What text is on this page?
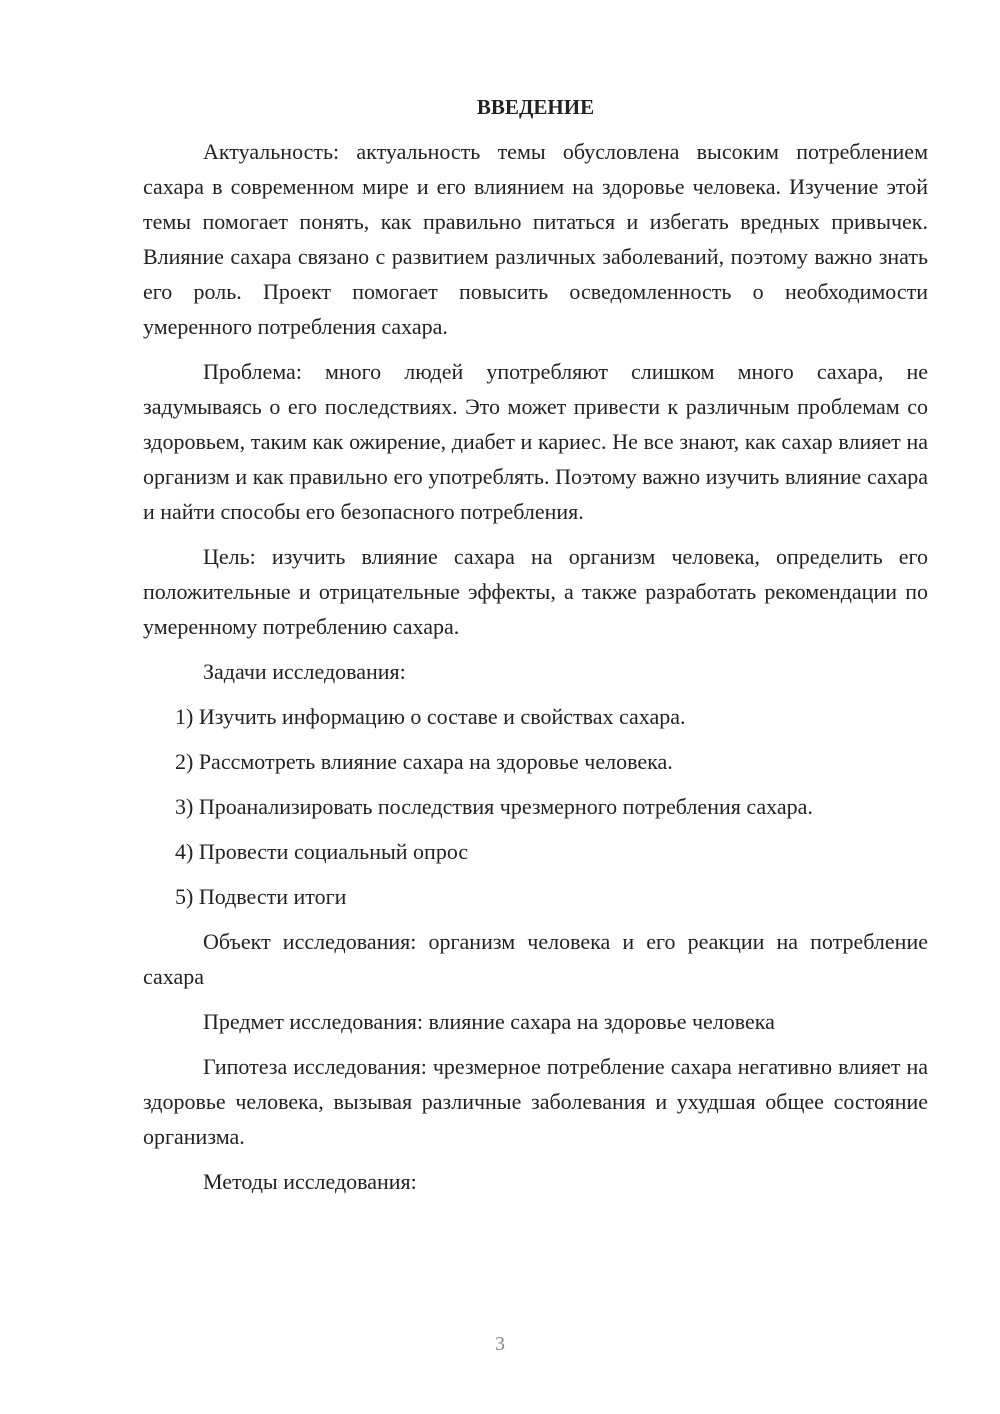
ВВЕДЕНИЕ

Актуальность: актуальность темы обусловлена высоким потреблением сахара в современном мире и его влиянием на здоровье человека. Изучение этой темы помогает понять, как правильно питаться и избегать вредных привычек. Влияние сахара связано с развитием различных заболеваний, поэтому важно знать его роль. Проект помогает повысить осведомленность о необходимости умеренного потребления сахара.

Проблема: много людей употребляют слишком много сахара, не задумываясь о его последствиях. Это может привести к различным проблемам со здоровьем, таким как ожирение, диабет и кариес. Не все знают, как сахар влияет на организм и как правильно его употреблять. Поэтому важно изучить влияние сахара и найти способы его безопасного потребления.

Цель: изучить влияние сахара на организм человека, определить его положительные и отрицательные эффекты, а также разработать рекомендации по умеренному потреблению сахара.

Задачи исследования:

1) Изучить информацию о составе и свойствах сахара.

2) Рассмотреть влияние сахара на здоровье человека.

3) Проанализировать последствия чрезмерного потребления сахара.

4) Провести социальный опрос

5) Подвести итоги

Объект исследования: организм человека и его реакции на потребление сахара

Предмет исследования: влияние сахара на здоровье человека

Гипотеза исследования: чрезмерное потребление сахара негативно влияет на здоровье человека, вызывая различные заболевания и ухудшая общее состояние организма.

Методы исследования:

3
